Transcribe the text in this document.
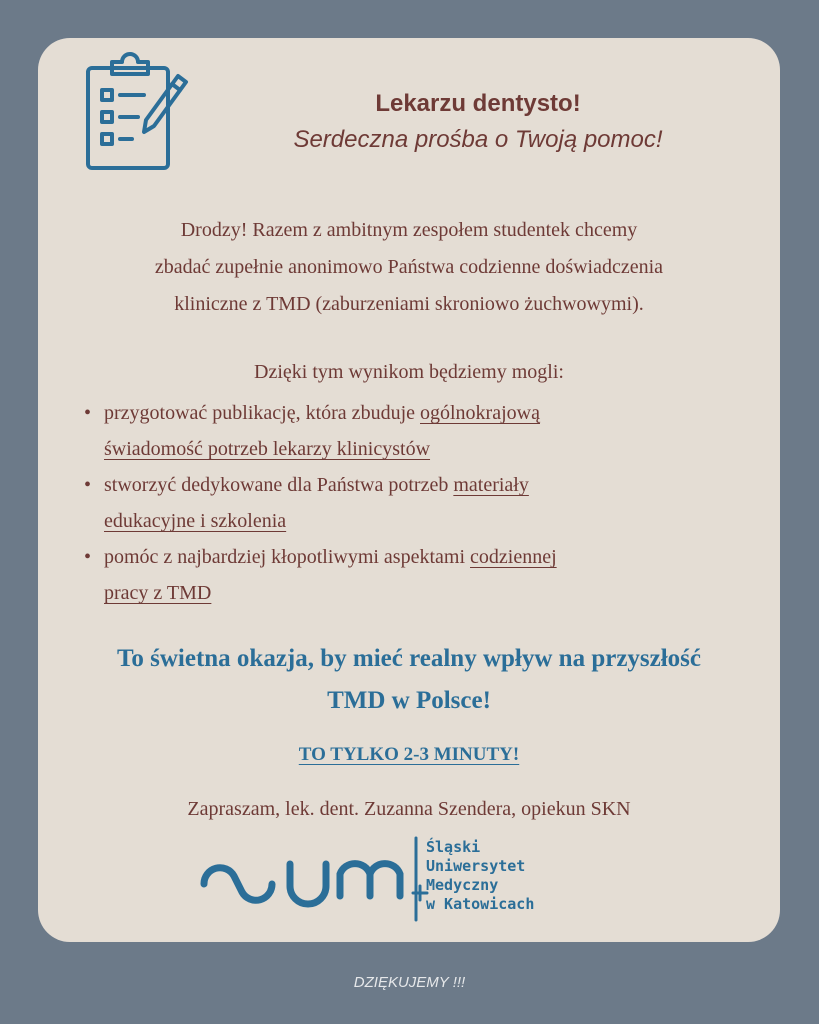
Lekarzu dentysto!
Serdeczna prośba o Twoją pomoc!
Drodzy! Razem z ambitnym zespołem studentek chcemy
zbadać zupełnie anonimowo Państwa codzienne doświadczenia
kliniczne z TMD (zaburzeniami skroniowo żuchwowymi).
Dzięki tym wynikom będziemy mogli:
• przygotować publikację, która zbuduje ogólnokrajową
świadomość potrzeb lekarzy klinicystów
• stworzyć dedykowane dla Państwa potrzeb materiały
edukacyjne i szkolenia
• pomóc z najbardziej kłopotliwymi aspektami codziennej
pracy z TMD
To świetna okazja, by mieć realny wpływ na przyszłość
TMD w Polsce!
TO TYLKO 2-3 MINUTY!
Zapraszam, lek. dent. Zuzanna Szendera, opiekun SKN
Śląski
Uniwersytet
Medyczny
w Katowicach
DZIĘKUJEMY !!!
